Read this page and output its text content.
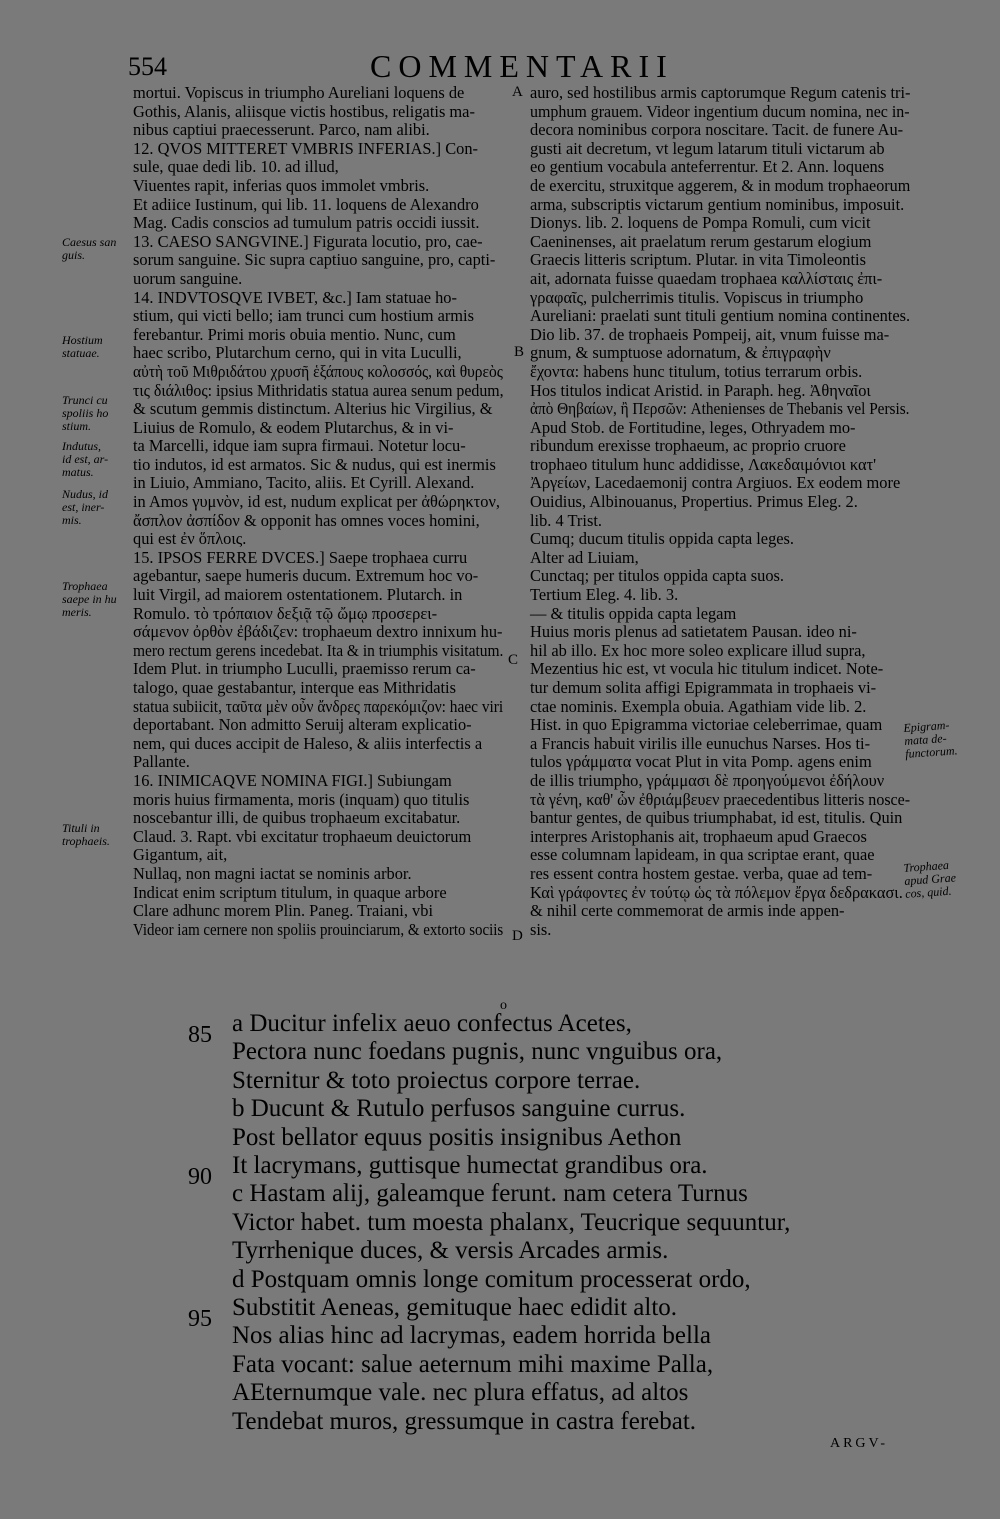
554	COMMENTARII
mortui. Vopiscus in triumpho Aureliani loquens de
Gothis, Alanis, aliisque victis hostibus, religatis ma-
nibus captiui praecesserunt. Parco, nam alibi.
12. QVOS MITTERET VMBRIS INFERIAS.] Con-
sule, quae dedi lib. 10. ad illud,
Viuentes rapit, inferias quos immolet vmbris.
Et adiice Iustinum, qui lib. 11. loquens de Alexandro
Mag. Cadis conscios ad tumulum patris occidi iussit.
13. CAESO SANGVINE.] Figurata locutio, pro, cae-
sorum sanguine. Sic supra captiuo sanguine, pro, capti-
uorum sanguine.
14. INDVTOSQVE IVBET, &c.] Iam statuae ho-
stium, qui victi bello; iam trunci cum hostium armis
ferebantur. Primi moris obuia mentio. Nunc, cum
haec scribo, Plutarchum cerno, qui in vita Luculli,
αὐτὴ τοῦ Μιθριδάτου χρυσῆ ἑξάπους κολοσσός, καὶ θυρεὸς
τις διάλιθος: ipsius Mithridatis statua aurea senum pedum,
& scutum gemmis distinctum. Alterius hic Virgilius, &
Liuius de Romulo, & eodem Plutarchus, & in vi-
ta Marcelli, idque iam supra firmaui. Notetur locu-
tio indutos, id est armatos. Sic & nudus, qui est inermis
in Liuio, Ammiano, Tacito, aliis. Et Cyrill. Alexand.
in Amos γυμνὸν, id est, nudum explicat per ἀθώρηκτον,
ἄσπλον ἀσπίδον & opponit has omnes voces homini,
qui est ἐν ὅπλοις.
15. IPSOS FERRE DVCES.] Saepe trophaea curru
agebantur, saepe humeris ducum. Extremum hoc vo-
luit Virgil, ad maiorem ostentationem. Plutarch. in
Romulo. τὸ τρόπαιον δεξιᾷ τῷ ὤμῳ προσερει-
σάμενον ὀρθὸν ἐβάδιζεν: trophaeum dextro innixum hu-
mero rectum gerens incedebat. Ita & in triumphis visitatum.
Idem Plut. in triumpho Luculli, praemisso rerum ca-
talogo, quae gestabantur, interque eas Mithridatis
statua subiicit, ταῦτα μὲν οὖν ἄνδρες παρεκόμιζον: haec viri
deportabant. Non admitto Seruij alteram explicatio-
nem, qui duces accipit de Haleso, & aliis interfectis a
Pallante.
16. INIMICAQVE NOMINA FIGI.] Subiungam
moris huius firmamenta, moris (inquam) quo titulis
noscebantur illi, de quibus trophaeum excitabatur.
Claud. 3. Rapt. vbi excitatur trophaeum deuictorum
Gigantum, ait,
Nullaq, non magni iactat se nominis arbor.
Indicat enim scriptum titulum, in quaque arbore
Clare adhunc morem Plin. Paneg. Traiani, vbi
Videor iam cernere non spoliis prouinciarum, & extorto sociis
auro, sed hostilibus armis captorumque Regum catenis tri-
umphum grauem. Videor ingentium ducum nomina, nec in-
decora nominibus corpora noscitare. Tacit. de funere Au-
gusti ait decretum, vt legum latarum tituli victarum ab
eo gentium vocabula anteferrentur. Et 2. Ann. loquens
de exercitu, struxitque aggerem, & in modum trophaeorum
arma, subscriptis victarum gentium nominibus, imposuit.
Dionys. lib. 2. loquens de Pompa Romuli, cum vicit
Caeninenses, ait praelatum rerum gestarum elogium
Graecis litteris scriptum. Plutar. in vita Timoleontis
ait, adornata fuisse quaedam trophaea καλλίσταις ἐπι-
γραφαῖς, pulcherrimis titulis. Vopiscus in triumpho
Aureliani: praelati sunt tituli gentium nomina continentes.
Dio lib. 37. de trophaeis Pompeij, ait, vnum fuisse ma-
gnum, & sumptuose adornatum, & ἐπιγραφὴν
ἔχοντα: habens hunc titulum, totius terrarum orbis.
Hos titulos indicat Aristid. in Paraph. heg. Ἀθηναῖοι
ἀπὸ Θηβαίων, ἢ Περσῶν: Athenienses de Thebanis vel Persis.
Apud Stob. de Fortitudine, leges, Othryadem mo-
ribundum erexisse trophaeum, ac proprio cruore
trophaeo titulum hunc addidisse, Λακεδαιμόνιοι κατ'
Ἀργείων, Lacedaemonij contra Argiuos. Ex eodem more
Ouidius, Albinouanus, Propertius. Primus Eleg. 2.
lib. 4 Trist.
Cumq; ducum titulis oppida capta leges.
Alter ad Liuiam,
Cunctaq; per titulos oppida capta suos.
Tertium Eleg. 4. lib. 3.
— & titulis oppida capta legam
Huius moris plenus ad satietatem Pausan. ideo ni-
hil ab illo. Ex hoc more soleo explicare illud supra,
Mezentius hic est, vt vocula hic titulum indicet. Note-
tur demum solita affigi Epigrammata in trophaeis vi-
ctae nominis. Exempla obuia. Agathiam vide lib. 2.
Hist. in quo Epigramma victoriae celeberrimae, quam
a Francis habuit virilis ille eunuchus Narses. Hos ti-
tulos γράμματα vocat Plut in vita Pomp. agens enim
de illis triumpho, γράμμασι δὲ προηγούμενοι ἐδήλουν
τὰ γένη, καθ' ὧν ἐθριάμβευεν praecedentibus litteris nosce-
bantur gentes, de quibus triumphabat, id est, titulis. Quin
interpres Aristophanis ait, trophaeum apud Graecos
esse columnam lapideam, in qua scriptae erant, quae
res essent contra hostem gestae. verba, quae ad tem-
Καὶ γράφοντες ἐν τούτῳ ὡς τὰ πόλεμον ἔργα δεδρακασι.
& nihil certe commemorat de armis inde appen-
sis.
A
B
C
D
Caesus san
guis.
Hostium
statuae.
Trunci cu
spoliis ho
stium.
Indutus,
id est, ar-
matus.
Nudus, id
est, iner-
mis.
Trophaea
saepe in hu
meris.
Tituli in
trophaeis.
Epigram-
mata de-
functorum.
Trophaea
apud Grae
cos, quid.
o
85
90
95
a Ducitur infelix aeuo confectus Acetes,
Pectora nunc foedans pugnis, nunc vnguibus ora,
Sternitur & toto proiectus corpore terrae.
b Ducunt & Rutulo perfusos sanguine currus.
Post bellator equus positis insignibus Aethon
It lacrymans, guttisque humectat grandibus ora.
c Hastam alij, galeamque ferunt. nam cetera Turnus
Victor habet. tum moesta phalanx, Teucrique sequuntur,
Tyrrhenique duces, & versis Arcades armis.
d Postquam omnis longe comitum processerat ordo,
Substitit Aeneas, gemituque haec edidit alto.
Nos alias hinc ad lacrymas, eadem horrida bella
Fata vocant: salue aeternum mihi maxime Palla,
AEternumque vale. nec plura effatus, ad altos
Tendebat muros, gressumque in castra ferebat.
ARGV-
